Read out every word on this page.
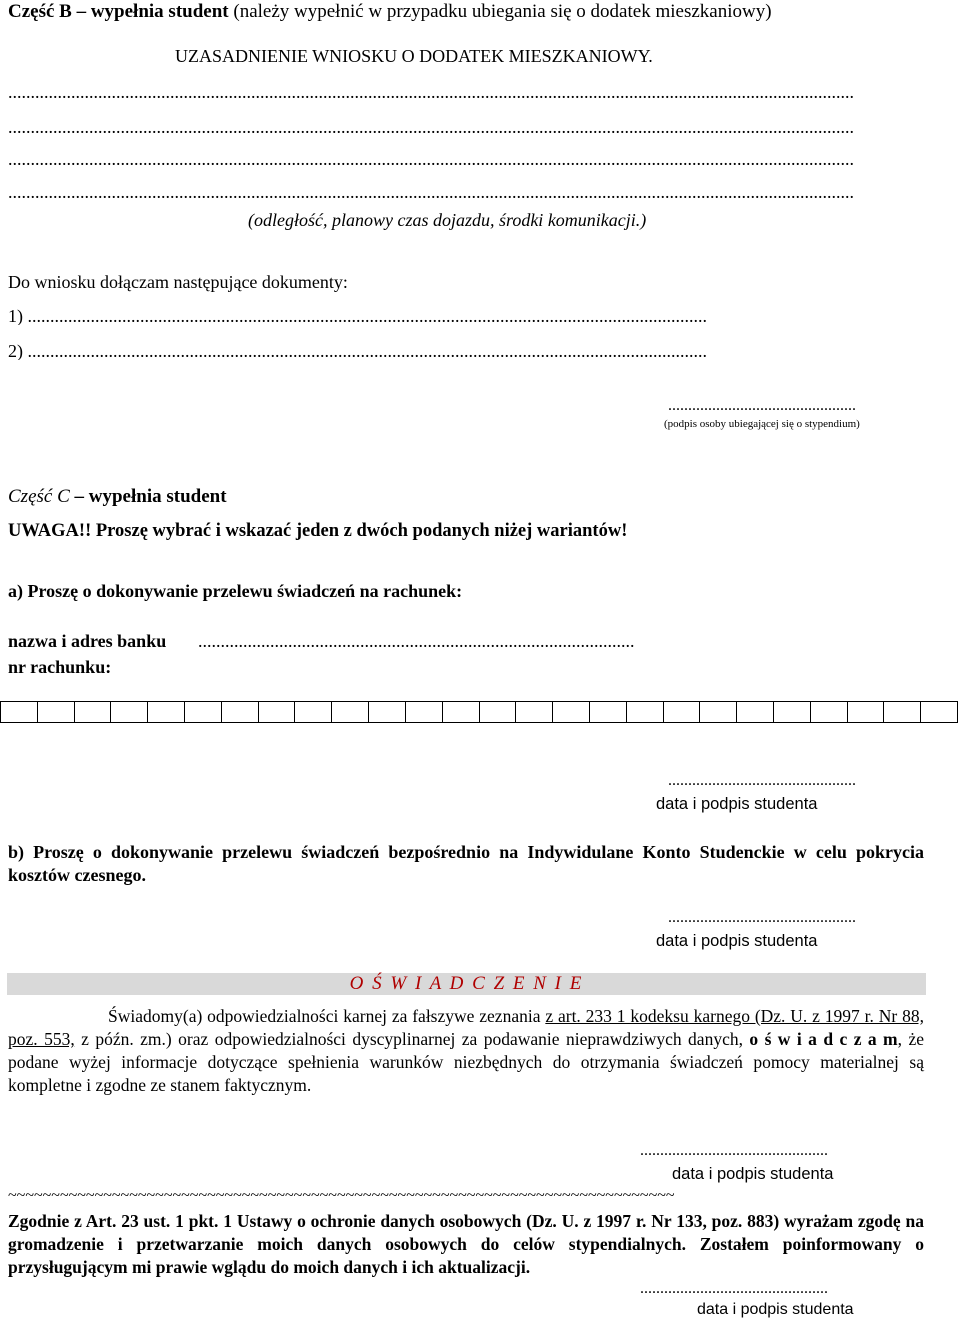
Część B – wypełnia student (należy wypełnić w przypadku ubiegania się o dodatek mieszkaniowy)
UZASADNIENIE WNIOSKU O DODATEK MIESZKANIOWY.
............................................................................................................................................................................................
............................................................................................................................................................................................
............................................................................................................................................................................................
............................................................................................................................................................................................
(odległość, planowy czas dojazdu, środki komunikacji.)
Do wniosku dołączam następujące dokumenty:
1) .......................................................................................................................................................
2) .......................................................................................................................................................
...............................................
(podpis osoby ubiegającej się o stypendium)
Część C – wypełnia student
UWAGA!! Proszę wybrać i wskazać jeden z dwóch podanych niżej wariantów!
a) Proszę o dokonywanie przelewu świadczeń na rachunek:
nazwa i adres banku .................................................................................................
nr rachunku:
...............................................
data i podpis studenta
b) Proszę o dokonywanie przelewu świadczeń bezpośrednio na Indywidulane Konto Studenckie w celu pokrycia kosztów czesnego.
...............................................
data i podpis studenta
O Ś W I A D C Z E N I E
Świadomy(a) odpowiedzialności karnej za fałszywe zeznania z art. 233 1 kodeksu karnego (Dz. U. z 1997 r. Nr 88, poz. 553, z późn. zm.) oraz odpowiedzialności dyscyplinarnej za podawanie nieprawdziwych danych, o ś w i a d c z a m, że podane wyżej informacje dotyczące spełnienia warunków niezbędnych do otrzymania świadczeń pomocy materialnej są kompletne i zgodne ze stanem faktycznym.
...............................................
data i podpis studenta
~~~~~~~~~~~~~~~~~~~~~~~~~~~~~~~~~~~~~~~~~~~~~~~~~~~~~~~~~~~~~~~~~~~~~~~~~~~~~
Zgodnie z Art. 23 ust. 1 pkt. 1 Ustawy o ochronie danych osobowych (Dz. U. z 1997 r. Nr 133, poz. 883) wyrażam zgodę na gromadzenie i przetwarzanie moich danych osobowych do celów stypendialnych. Zostałem poinformowany o przysługującym mi prawie wglądu do moich danych i ich aktualizacji.
...............................................
data i podpis studenta
